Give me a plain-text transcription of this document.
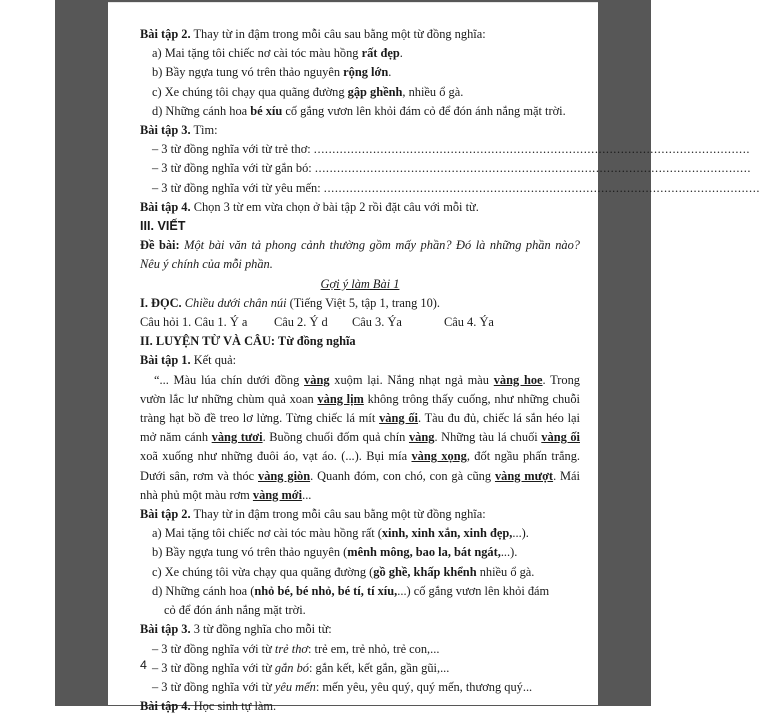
Bài tập 2. Thay từ in đậm trong mỗi câu sau bằng một từ đồng nghĩa:
a) Mai tặng tôi chiếc nơ cài tóc màu hồng rất đẹp.
b) Bầy ngựa tung vó trên thảo nguyên rộng lớn.
c) Xe chúng tôi chạy qua quãng đường gập ghềnh, nhiều ổ gà.
d) Những cánh hoa bé xíu cố gắng vươn lên khỏi đám cỏ để đón ánh nắng mặt trời.
Bài tập 3. Tìm:
– 3 từ đồng nghĩa với từ trẻ thơ: ......................................................................................................................
– 3 từ đồng nghĩa với từ gắn bó: ......................................................................................................................
– 3 từ đồng nghĩa với từ yêu mến: ......................................................................................................................
Bài tập 4. Chọn 3 từ em vừa chọn ở bài tập 2 rồi đặt câu với mỗi từ.
III. VIẾT
Đề bài: Một bài văn tả phong cảnh thường gồm mấy phần? Đó là những phần nào? Nêu ý chính của mỗi phần.
Gợi ý làm Bài 1
I. ĐỌC. Chiều dưới chân núi (Tiếng Việt 5, tập 1, trang 10).
Câu hỏi 1. Câu 1. Ý a Câu 2. Ý d Câu 3. Ýa	Câu 4. Ýa
II. LUYỆN TỪ VÀ CÂU: Từ đồng nghĩa
Bài tập 1. Kết quả:
“... Màu lúa chín dưới đồng vàng xuộm lại. Nắng nhạt ngả màu vàng hoe. Trong vườn lắc lư những chùm quả xoan vàng lịm không trông thấy cuống, như những chuỗi tràng hạt bồ đề treo lơ lửng. Từng chiếc lá mít vàng ối. Tàu đu đủ, chiếc lá sắn héo lại mở năm cánh vàng tươi. Buồng chuối đốm quả chín vàng. Những tàu lá chuối vàng ối xoã xuống như những đuôi áo, vạt áo. (...). Bụi mía vàng xọng, đốt ngầu phấn trắng. Dưới sân, rơm và thóc vàng giòn. Quanh đóm, con chó, con gà cũng vàng mượt. Mái nhà phủ một màu rơm vàng mới...
Bài tập 2. Thay từ in đậm trong mỗi câu sau bằng một từ đồng nghĩa:
a) Mai tặng tôi chiếc nơ cài tóc màu hồng rất (xinh, xinh xắn, xinh đẹp,...).
b) Bầy ngựa tung vó trên thảo nguyên (mênh mông, bao la, bát ngát,...).
c) Xe chúng tôi vừa chạy qua quãng đường (gồ ghề, khấp khểnh nhiều ổ gà.
d) Những cánh hoa (nhỏ bé, bé nhỏ, bé tí, tí xíu,...) cố gắng vươn lên khỏi đám
cỏ để đón ánh nắng mặt trời.
Bài tập 3. 3 từ đồng nghĩa cho mỗi từ:
– 3 từ đồng nghĩa với từ trẻ thơ: trẻ em, trẻ nhỏ, trẻ con,...
– 3 từ đồng nghĩa với từ gắn bó: gắn kết, kết gắn, gần gũi,...
– 3 từ đồng nghĩa với từ yêu mến: mến yêu, yêu quý, quý mến, thương quý...
Bài tập 4. Học sinh tự làm.
4
